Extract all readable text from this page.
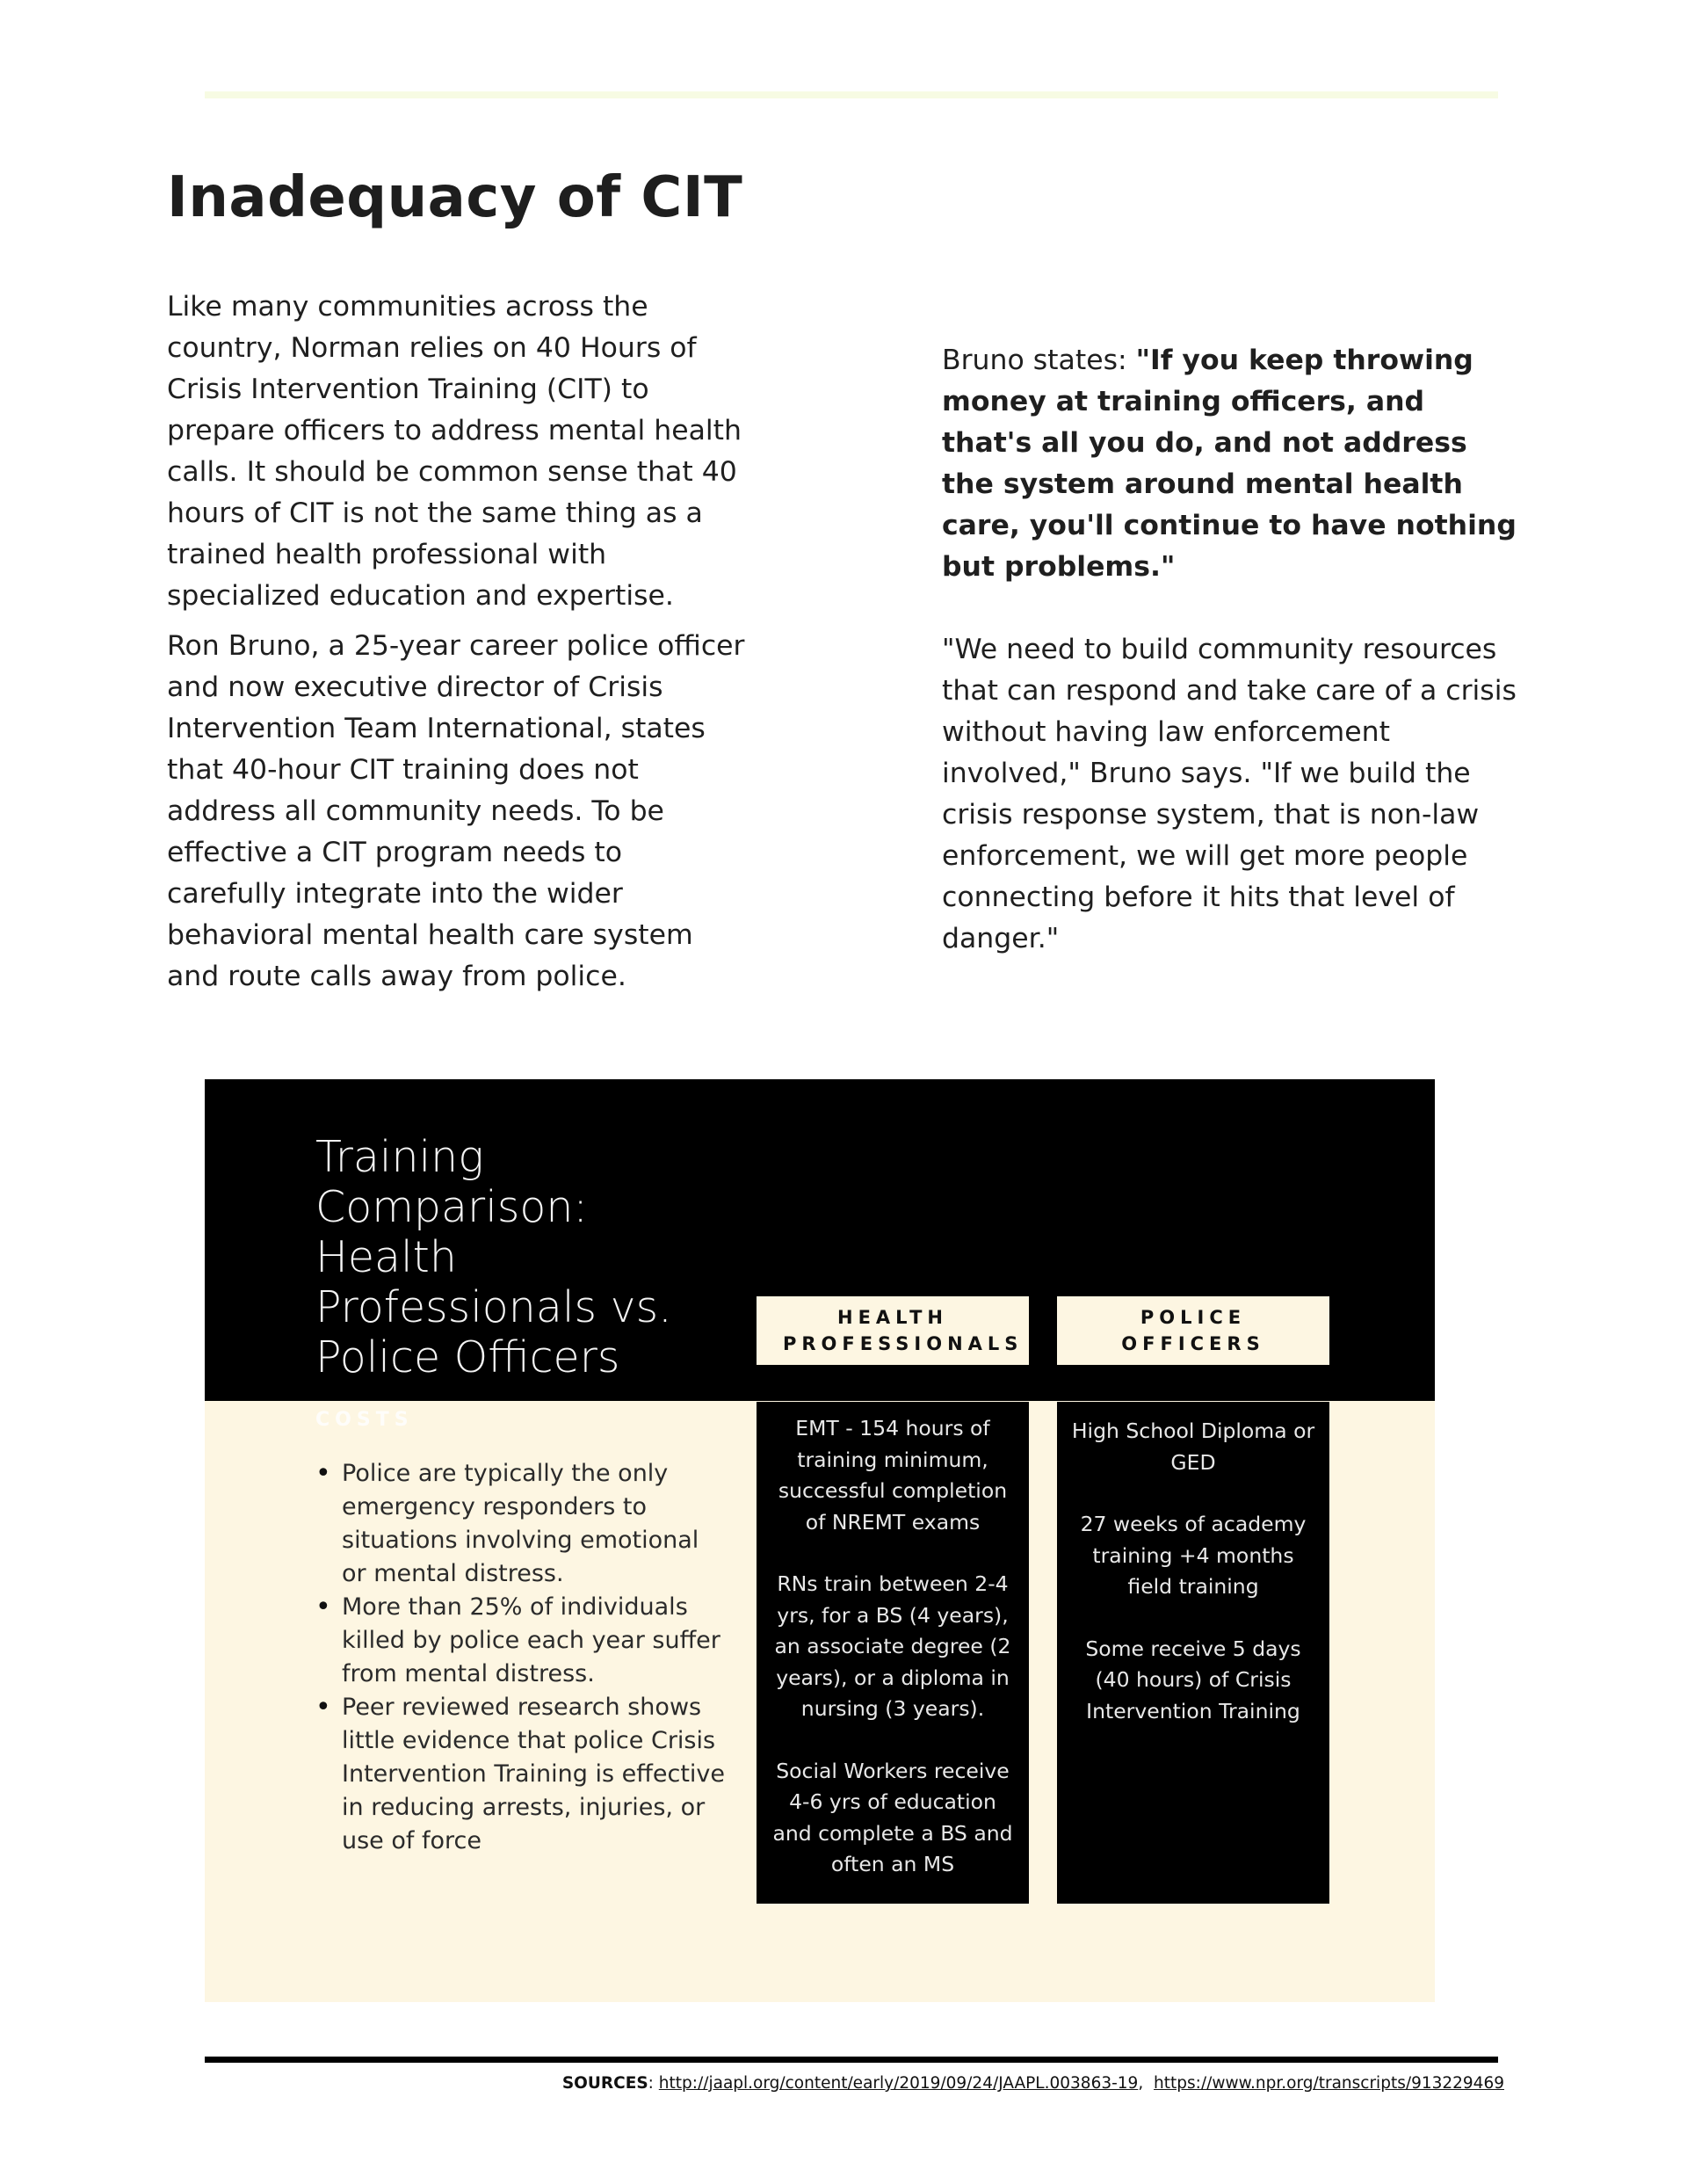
Inadequacy of CIT

Like many communities across the country, Norman relies on 40 Hours of Crisis Intervention Training (CIT) to prepare officers to address mental health calls. It should be common sense that 40 hours of CIT is not the same thing as a trained health professional with specialized education and expertise.

Ron Bruno, a 25-year career police officer and now executive director of Crisis Intervention Team International, states that 40-hour CIT training does not address all community needs. To be effective a CIT program needs to carefully integrate into the wider behavioral mental health care system and route calls away from police.

Bruno states: "If you keep throwing money at training officers, and that's all you do, and not address the system around mental health care, you'll continue to have nothing but problems."

"We need to build community resources that can respond and take care of a crisis without having law enforcement involved," Bruno says. "If we build the crisis response system, that is non-law enforcement, we will get more people connecting before it hits that level of danger."

Training Comparison: Health Professionals vs. Police Officers
COSTS
• Police are typically the only emergency responders to situations involving emotional or mental distress.
• More than 25% of individuals killed by police each year suffer from mental distress.
• Peer reviewed research shows little evidence that police Crisis Intervention Training is effective in reducing arrests, injuries, or use of force
HEALTH PROFESSIONALS

EMT - 154 hours of training minimum, successful completion of NREMT exams

RNs train between 2-4 yrs, for a BS (4 years), an associate degree (2 years), or a diploma in nursing (3 years).

Social Workers receive 4-6 yrs of education and complete a BS and often an MS

POLICE OFFICERS

High School Diploma or GED

27 weeks of academy training +4 months field training

Some receive 5 days (40 hours) of Crisis Intervention Training

SOURCES: http://jaapl.org/content/early/2019/09/24/JAAPL.003863-19,  https://www.npr.org/transcripts/913229469
